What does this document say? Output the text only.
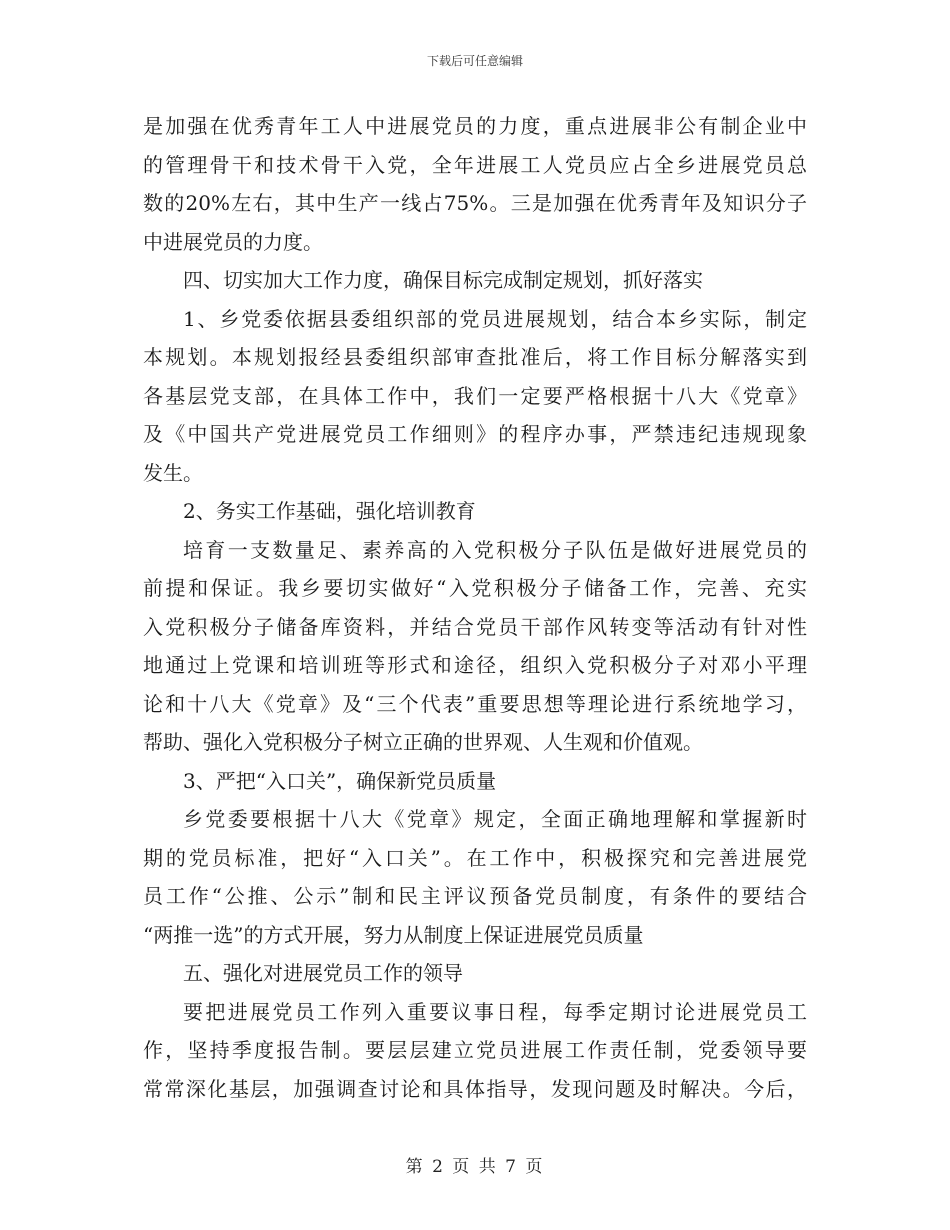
下载后可任意编辑
是加强在优秀青年工人中进展党员的力度，重点进展非公有制企业中
的管理骨干和技术骨干入党，全年进展工人党员应占全乡进展党员总
数的20%左右，其中生产一线占75%。三是加强在优秀青年及知识分子
中进展党员的力度。
四、切实加大工作力度，确保目标完成制定规划，抓好落实
1、乡党委依据县委组织部的党员进展规划，结合本乡实际，制定
本规划。本规划报经县委组织部审查批准后，将工作目标分解落实到
各基层党支部，在具体工作中，我们一定要严格根据十八大《党章》
及《中国共产党进展党员工作细则》的程序办事，严禁违纪违规现象
发生。
2、务实工作基础，强化培训教育
培育一支数量足、素养高的入党积极分子队伍是做好进展党员的
前提和保证。我乡要切实做好“入党积极分子储备工作，完善、充实
入党积极分子储备库资料，并结合党员干部作风转变等活动有针对性
地通过上党课和培训班等形式和途径，组织入党积极分子对邓小平理
论和十八大《党章》及“三个代表”重要思想等理论进行系统地学习，
帮助、强化入党积极分子树立正确的世界观、人生观和价值观。
3、严把“入口关”，确保新党员质量
乡党委要根据十八大《党章》规定，全面正确地理解和掌握新时
期的党员标准，把好“入口关”。在工作中，积极探究和完善进展党
员工作“公推、公示”制和民主评议预备党员制度，有条件的要结合
“两推一选”的方式开展，努力从制度上保证进展党员质量
五、强化对进展党员工作的领导
要把进展党员工作列入重要议事日程，每季定期讨论进展党员工
作，坚持季度报告制。要层层建立党员进展工作责任制，党委领导要
常常深化基层，加强调查讨论和具体指导，发现问题及时解决。今后，
第 2 页 共 7 页
